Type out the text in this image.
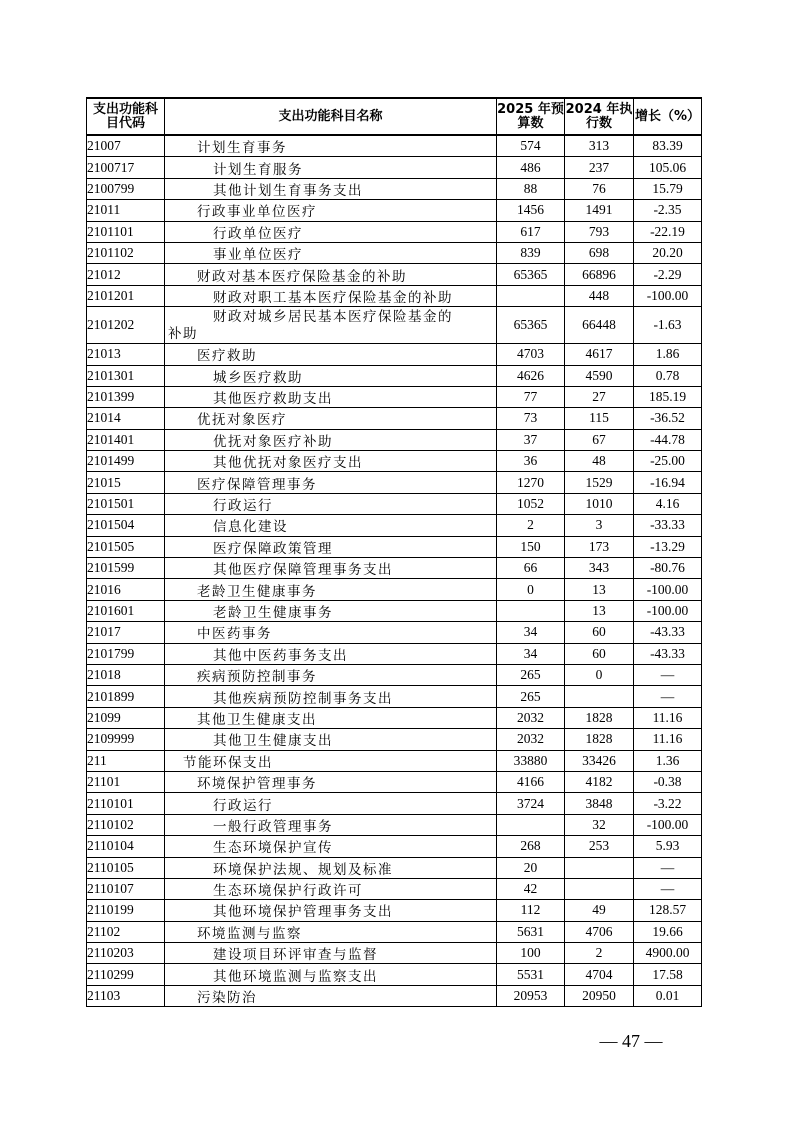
支出功能科目代码	支出功能科目名称	2025 年预算数	2024 年执行数	增长（%）
21007	计划生育事务	574	313	83.39
2100717	计划生育服务	486	237	105.06
2100799	其他计划生育事务支出	88	76	15.79
21011	行政事业单位医疗	1456	1491	-2.35
2101101	行政单位医疗	617	793	-22.19
2101102	事业单位医疗	839	698	20.20
21012	财政对基本医疗保险基金的补助	65365	66896	-2.29
2101201	财政对职工基本医疗保险基金的补助		448	-100.00
2101202	财政对城乡居民基本医疗保险基金的
补助	65365	66448	-1.63
21013	医疗救助	4703	4617	1.86
2101301	城乡医疗救助	4626	4590	0.78
2101399	其他医疗救助支出	77	27	185.19
21014	优抚对象医疗	73	115	-36.52
2101401	优抚对象医疗补助	37	67	-44.78
2101499	其他优抚对象医疗支出	36	48	-25.00
21015	医疗保障管理事务	1270	1529	-16.94
2101501	行政运行	1052	1010	4.16
2101504	信息化建设	2	3	-33.33
2101505	医疗保障政策管理	150	173	-13.29
2101599	其他医疗保障管理事务支出	66	343	-80.76
21016	老龄卫生健康事务	0	13	-100.00
2101601	老龄卫生健康事务		13	-100.00
21017	中医药事务	34	60	-43.33
2101799	其他中医药事务支出	34	60	-43.33
21018	疾病预防控制事务	265	0	—
2101899	其他疾病预防控制事务支出	265		—
21099	其他卫生健康支出	2032	1828	11.16
2109999	其他卫生健康支出	2032	1828	11.16
211	节能环保支出	33880	33426	1.36
21101	环境保护管理事务	4166	4182	-0.38
2110101	行政运行	3724	3848	-3.22
2110102	一般行政管理事务		32	-100.00
2110104	生态环境保护宣传	268	253	5.93
2110105	环境保护法规、规划及标准	20		—
2110107	生态环境保护行政许可	42		—
2110199	其他环境保护管理事务支出	112	49	128.57
21102	环境监测与监察	5631	4706	19.66
2110203	建设项目环评审查与监督	100	2	4900.00
2110299	其他环境监测与监察支出	5531	4704	17.58
21103	污染防治	20953	20950	0.01
— 47 —
